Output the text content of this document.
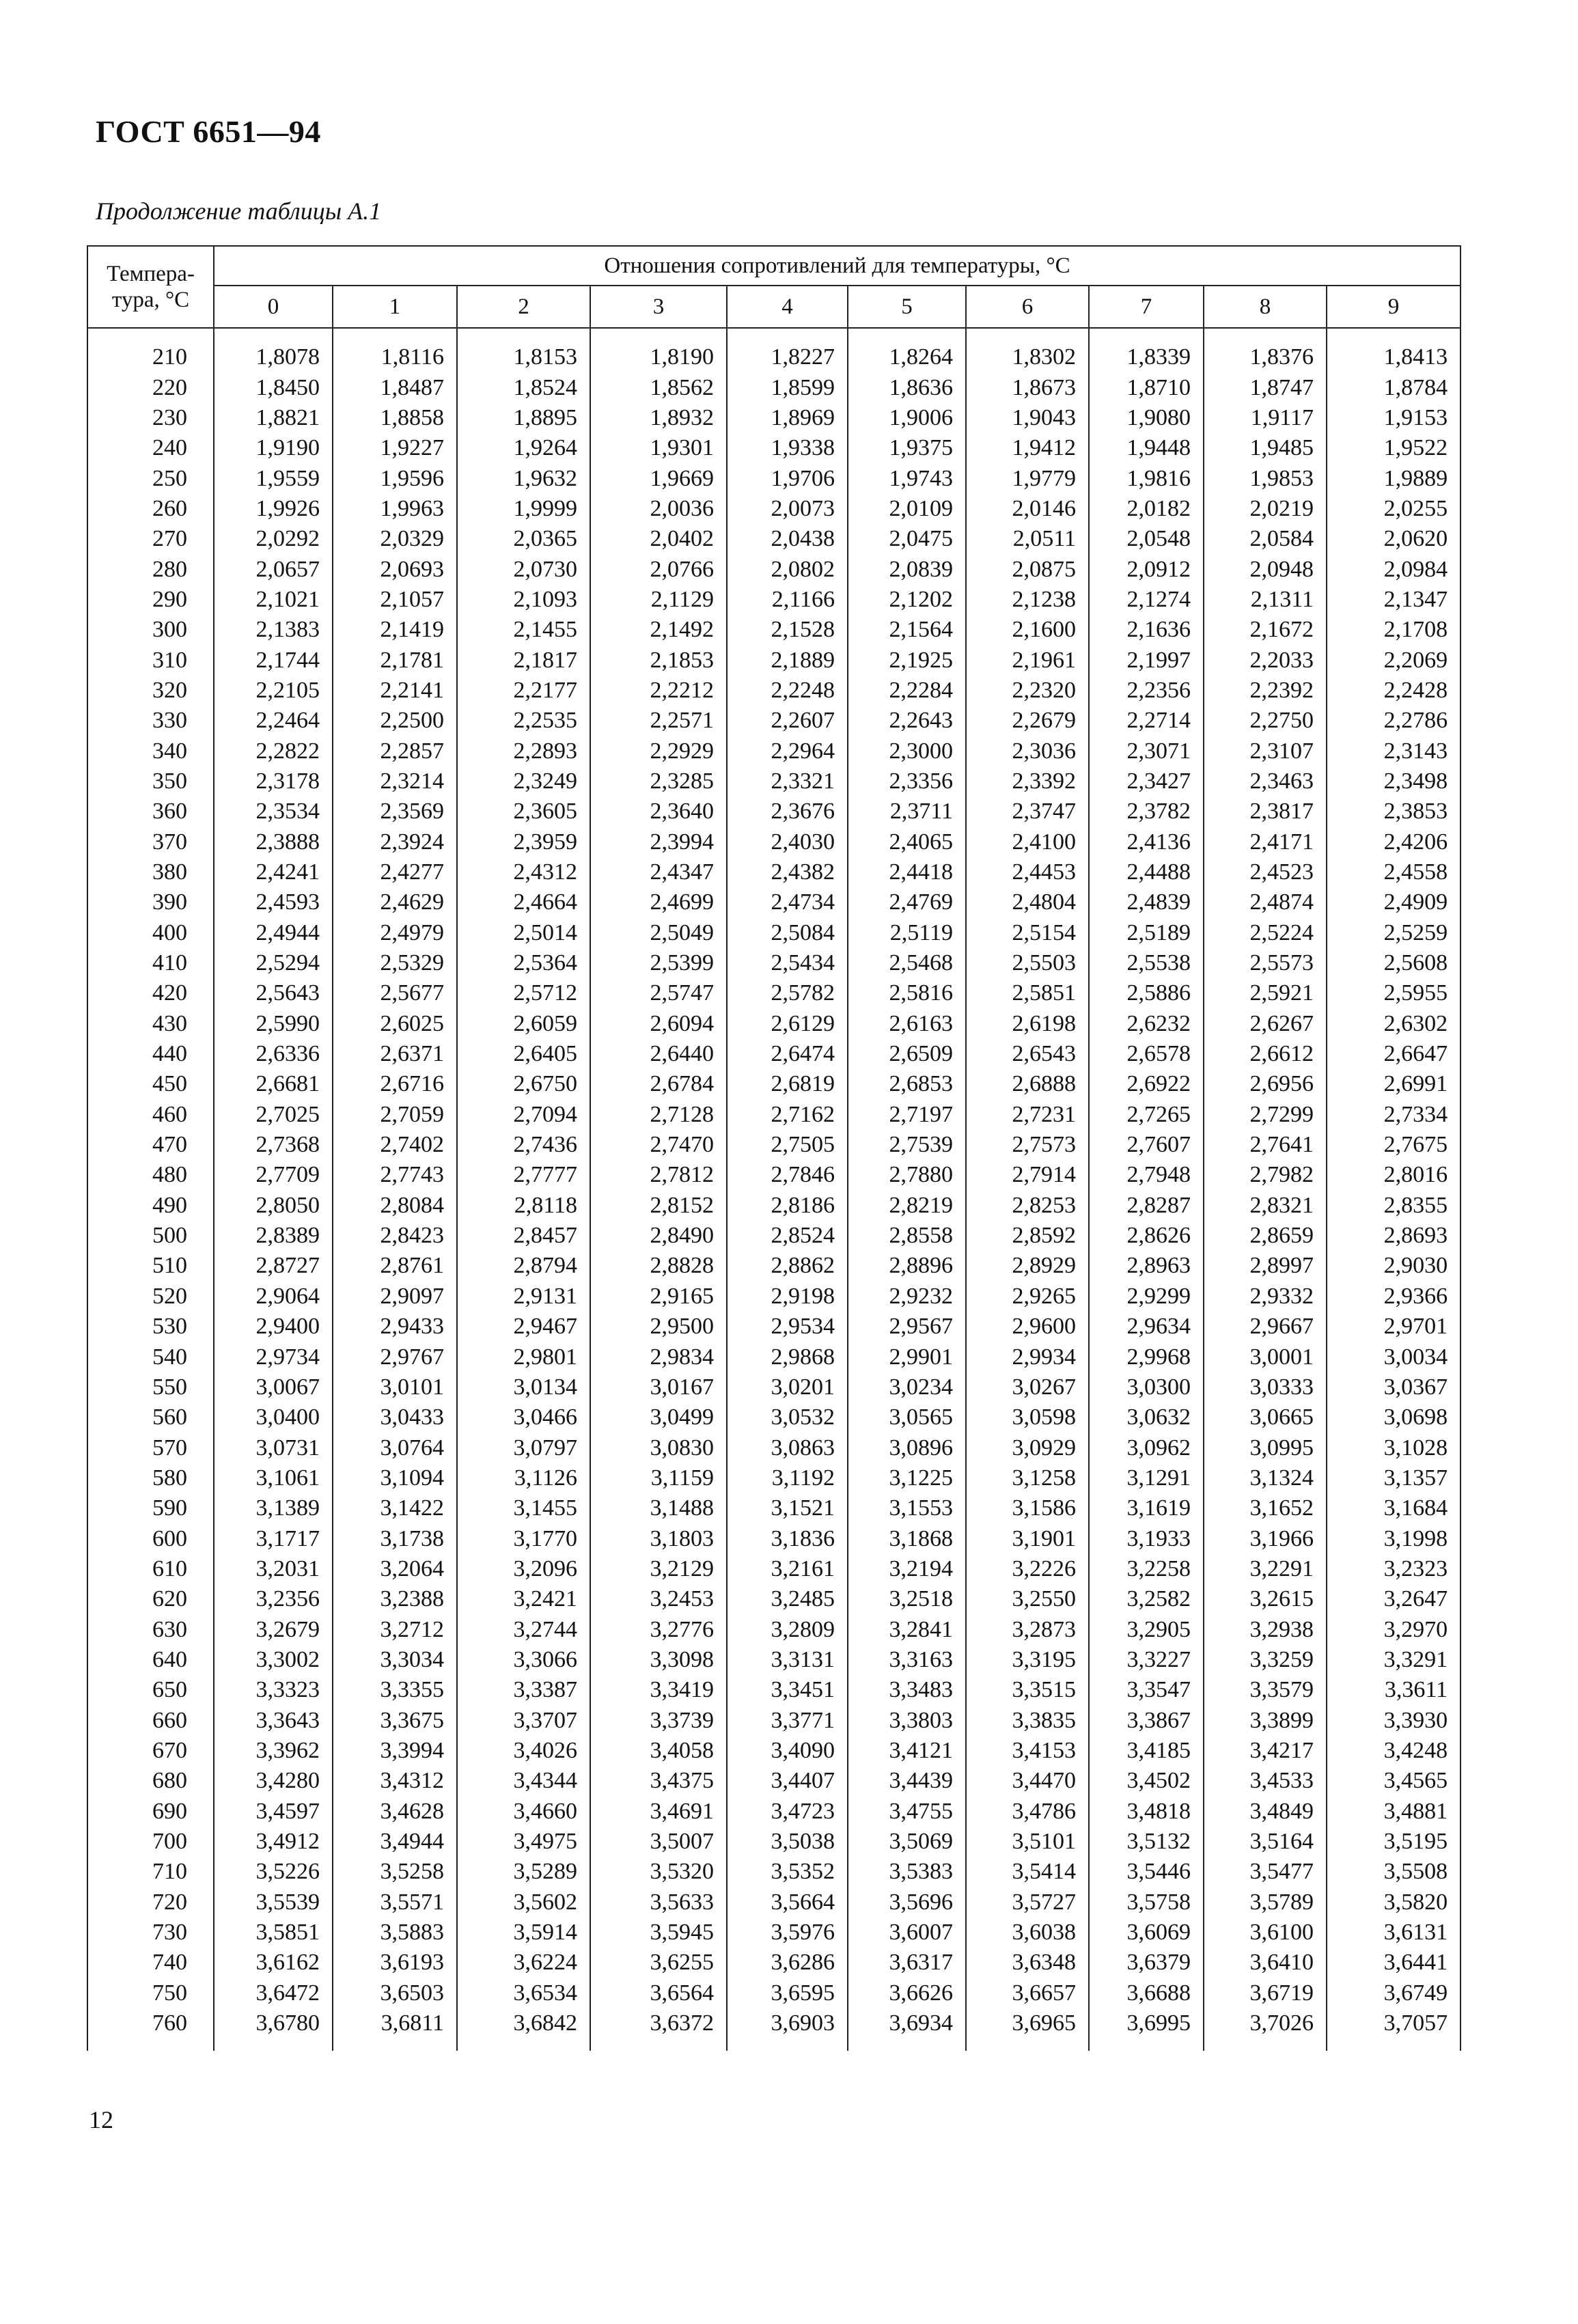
ГОСТ 6651—94
Продолжение таблицы А.1
Темпера-тура, °С	Отношения сопротивлений для температуры, °С									
	0	1	2	3	4	5	6	7	8	9

210	1,8078	1,8116	1,8153	1,8190	1,8227	1,8264	1,8302	1,8339	1,8376	1,8413
220	1,8450	1,8487	1,8524	1,8562	1,8599	1,8636	1,8673	1,8710	1,8747	1,8784
230	1,8821	1,8858	1,8895	1,8932	1,8969	1,9006	1,9043	1,9080	1,9117	1,9153
240	1,9190	1,9227	1,9264	1,9301	1,9338	1,9375	1,9412	1,9448	1,9485	1,9522
250	1,9559	1,9596	1,9632	1,9669	1,9706	1,9743	1,9779	1,9816	1,9853	1,9889
260	1,9926	1,9963	1,9999	2,0036	2,0073	2,0109	2,0146	2,0182	2,0219	2,0255
270	2,0292	2,0329	2,0365	2,0402	2,0438	2,0475	2,0511	2,0548	2,0584	2,0620
280	2,0657	2,0693	2,0730	2,0766	2,0802	2,0839	2,0875	2,0912	2,0948	2,0984
290	2,1021	2,1057	2,1093	2,1129	2,1166	2,1202	2,1238	2,1274	2,1311	2,1347
300	2,1383	2,1419	2,1455	2,1492	2,1528	2,1564	2,1600	2,1636	2,1672	2,1708
310	2,1744	2,1781	2,1817	2,1853	2,1889	2,1925	2,1961	2,1997	2,2033	2,2069
320	2,2105	2,2141	2,2177	2,2212	2,2248	2,2284	2,2320	2,2356	2,2392	2,2428
330	2,2464	2,2500	2,2535	2,2571	2,2607	2,2643	2,2679	2,2714	2,2750	2,2786
340	2,2822	2,2857	2,2893	2,2929	2,2964	2,3000	2,3036	2,3071	2,3107	2,3143
350	2,3178	2,3214	2,3249	2,3285	2,3321	2,3356	2,3392	2,3427	2,3463	2,3498
360	2,3534	2,3569	2,3605	2,3640	2,3676	2,3711	2,3747	2,3782	2,3817	2,3853
370	2,3888	2,3924	2,3959	2,3994	2,4030	2,4065	2,4100	2,4136	2,4171	2,4206
380	2,4241	2,4277	2,4312	2,4347	2,4382	2,4418	2,4453	2,4488	2,4523	2,4558
390	2,4593	2,4629	2,4664	2,4699	2,4734	2,4769	2,4804	2,4839	2,4874	2,4909
400	2,4944	2,4979	2,5014	2,5049	2,5084	2,5119	2,5154	2,5189	2,5224	2,5259
410	2,5294	2,5329	2,5364	2,5399	2,5434	2,5468	2,5503	2,5538	2,5573	2,5608
420	2,5643	2,5677	2,5712	2,5747	2,5782	2,5816	2,5851	2,5886	2,5921	2,5955
430	2,5990	2,6025	2,6059	2,6094	2,6129	2,6163	2,6198	2,6232	2,6267	2,6302
440	2,6336	2,6371	2,6405	2,6440	2,6474	2,6509	2,6543	2,6578	2,6612	2,6647
450	2,6681	2,6716	2,6750	2,6784	2,6819	2,6853	2,6888	2,6922	2,6956	2,6991
460	2,7025	2,7059	2,7094	2,7128	2,7162	2,7197	2,7231	2,7265	2,7299	2,7334
470	2,7368	2,7402	2,7436	2,7470	2,7505	2,7539	2,7573	2,7607	2,7641	2,7675
480	2,7709	2,7743	2,7777	2,7812	2,7846	2,7880	2,7914	2,7948	2,7982	2,8016
490	2,8050	2,8084	2,8118	2,8152	2,8186	2,8219	2,8253	2,8287	2,8321	2,8355
500	2,8389	2,8423	2,8457	2,8490	2,8524	2,8558	2,8592	2,8626	2,8659	2,8693
510	2,8727	2,8761	2,8794	2,8828	2,8862	2,8896	2,8929	2,8963	2,8997	2,9030
520	2,9064	2,9097	2,9131	2,9165	2,9198	2,9232	2,9265	2,9299	2,9332	2,9366
530	2,9400	2,9433	2,9467	2,9500	2,9534	2,9567	2,9600	2,9634	2,9667	2,9701
540	2,9734	2,9767	2,9801	2,9834	2,9868	2,9901	2,9934	2,9968	3,0001	3,0034
550	3,0067	3,0101	3,0134	3,0167	3,0201	3,0234	3,0267	3,0300	3,0333	3,0367
560	3,0400	3,0433	3,0466	3,0499	3,0532	3,0565	3,0598	3,0632	3,0665	3,0698
570	3,0731	3,0764	3,0797	3,0830	3,0863	3,0896	3,0929	3,0962	3,0995	3,1028
580	3,1061	3,1094	3,1126	3,1159	3,1192	3,1225	3,1258	3,1291	3,1324	3,1357
590	3,1389	3,1422	3,1455	3,1488	3,1521	3,1553	3,1586	3,1619	3,1652	3,1684
600	3,1717	3,1738	3,1770	3,1803	3,1836	3,1868	3,1901	3,1933	3,1966	3,1998
610	3,2031	3,2064	3,2096	3,2129	3,2161	3,2194	3,2226	3,2258	3,2291	3,2323
620	3,2356	3,2388	3,2421	3,2453	3,2485	3,2518	3,2550	3,2582	3,2615	3,2647
630	3,2679	3,2712	3,2744	3,2776	3,2809	3,2841	3,2873	3,2905	3,2938	3,2970
640	3,3002	3,3034	3,3066	3,3098	3,3131	3,3163	3,3195	3,3227	3,3259	3,3291
650	3,3323	3,3355	3,3387	3,3419	3,3451	3,3483	3,3515	3,3547	3,3579	3,3611
660	3,3643	3,3675	3,3707	3,3739	3,3771	3,3803	3,3835	3,3867	3,3899	3,3930
670	3,3962	3,3994	3,4026	3,4058	3,4090	3,4121	3,4153	3,4185	3,4217	3,4248
680	3,4280	3,4312	3,4344	3,4375	3,4407	3,4439	3,4470	3,4502	3,4533	3,4565
690	3,4597	3,4628	3,4660	3,4691	3,4723	3,4755	3,4786	3,4818	3,4849	3,4881
700	3,4912	3,4944	3,4975	3,5007	3,5038	3,5069	3,5101	3,5132	3,5164	3,5195
710	3,5226	3,5258	3,5289	3,5320	3,5352	3,5383	3,5414	3,5446	3,5477	3,5508
720	3,5539	3,5571	3,5602	3,5633	3,5664	3,5696	3,5727	3,5758	3,5789	3,5820
730	3,5851	3,5883	3,5914	3,5945	3,5976	3,6007	3,6038	3,6069	3,6100	3,6131
740	3,6162	3,6193	3,6224	3,6255	3,6286	3,6317	3,6348	3,6379	3,6410	3,6441
750	3,6472	3,6503	3,6534	3,6564	3,6595	3,6626	3,6657	3,6688	3,6719	3,6749
760	3,6780	3,6811	3,6842	3,6372	3,6903	3,6934	3,6965	3,6995	3,7026	3,7057

12
